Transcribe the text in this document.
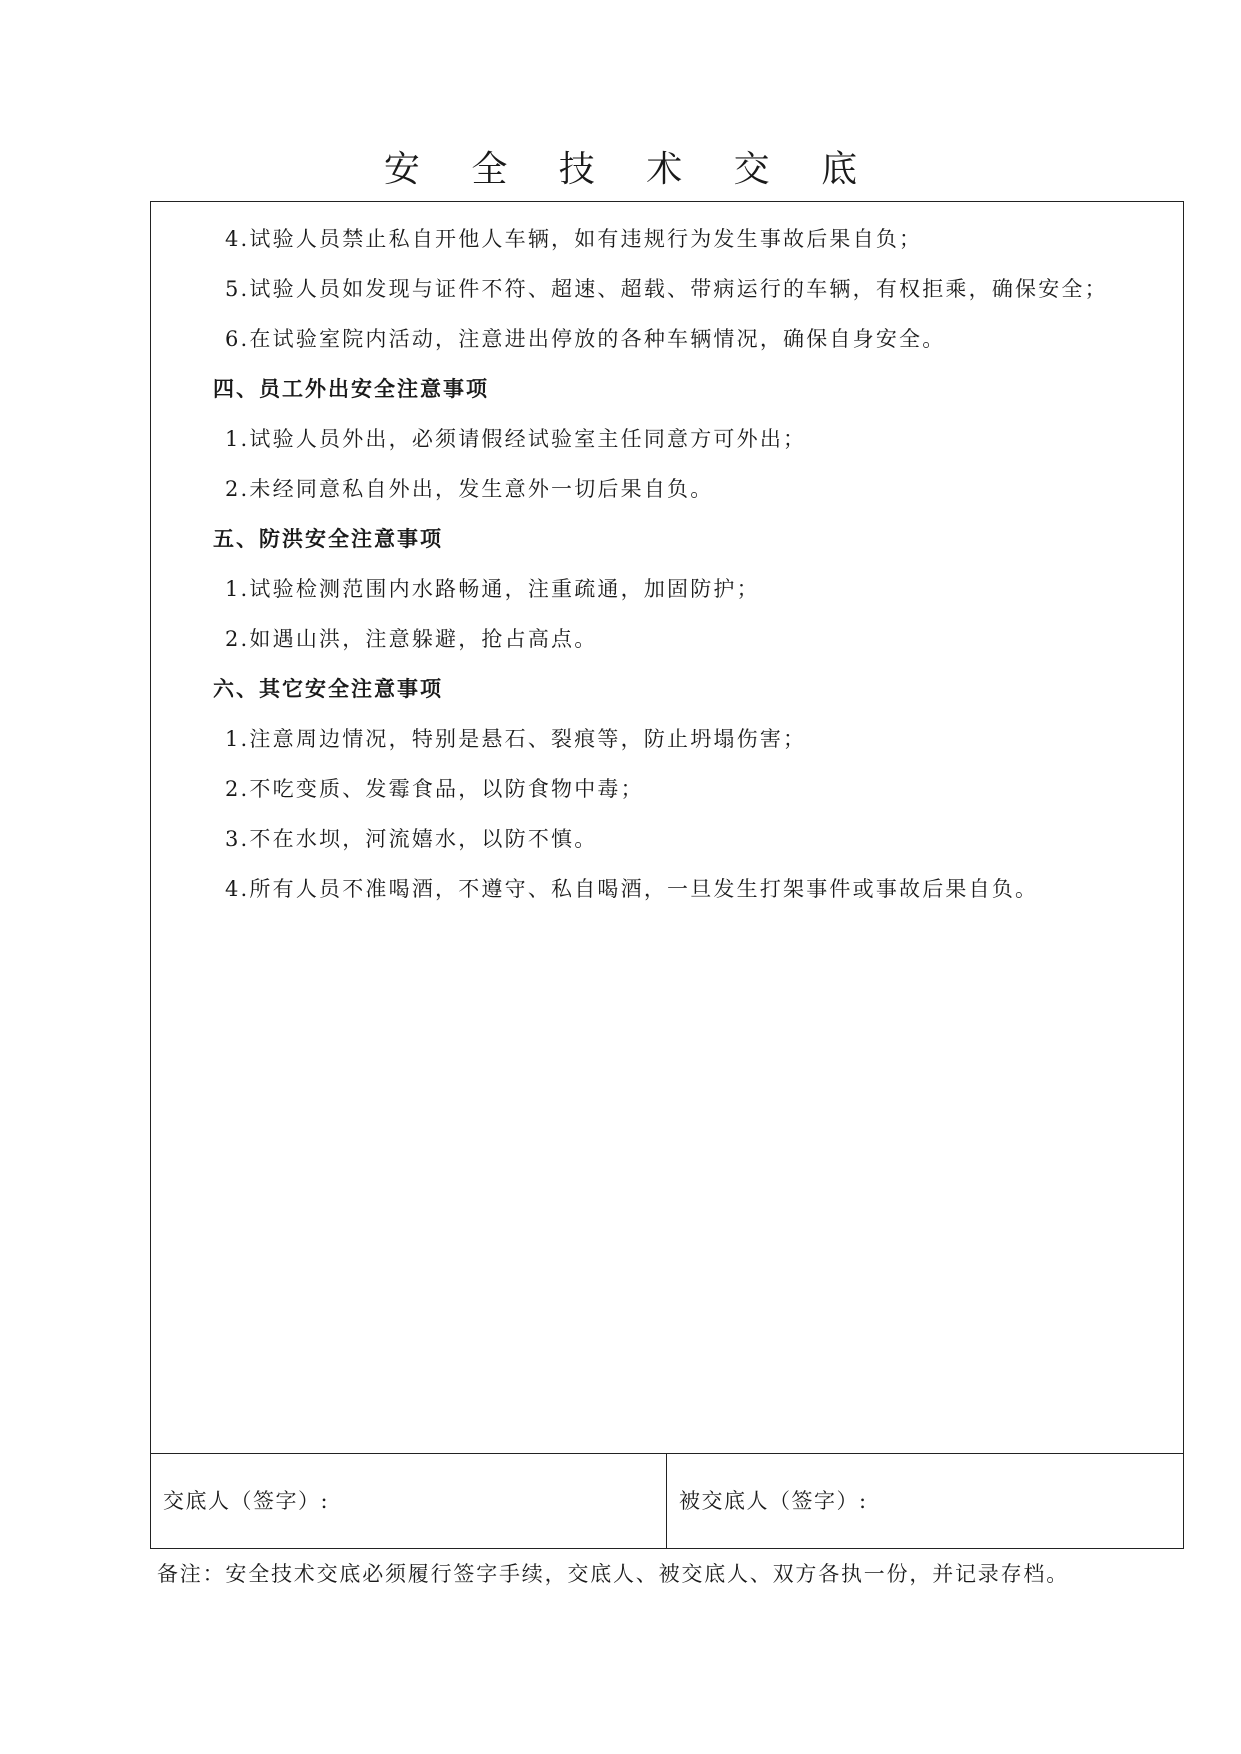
安 全 技 术 交 底
4.试验人员禁止私自开他人车辆，如有违规行为发生事故后果自负；
5.试验人员如发现与证件不符、超速、超载、带病运行的车辆，有权拒乘，确保安全；
6.在试验室院内活动，注意进出停放的各种车辆情况，确保自身安全。
四、员工外出安全注意事项
1.试验人员外出，必须请假经试验室主任同意方可外出；
2.未经同意私自外出，发生意外一切后果自负。
五、防洪安全注意事项
1.试验检测范围内水路畅通，注重疏通，加固防护；
2.如遇山洪，注意躲避，抢占高点。
六、其它安全注意事项
1.注意周边情况，特别是悬石、裂痕等，防止坍塌伤害；
2.不吃变质、发霉食品，以防食物中毒；
3.不在水坝，河流嬉水，以防不慎。
4.所有人员不准喝酒，不遵守、私自喝酒，一旦发生打架事件或事故后果自负。
交底人（签字）:	被交底人（签字）:
备注：安全技术交底必须履行签字手续，交底人、被交底人、双方各执一份，并记录存档。
